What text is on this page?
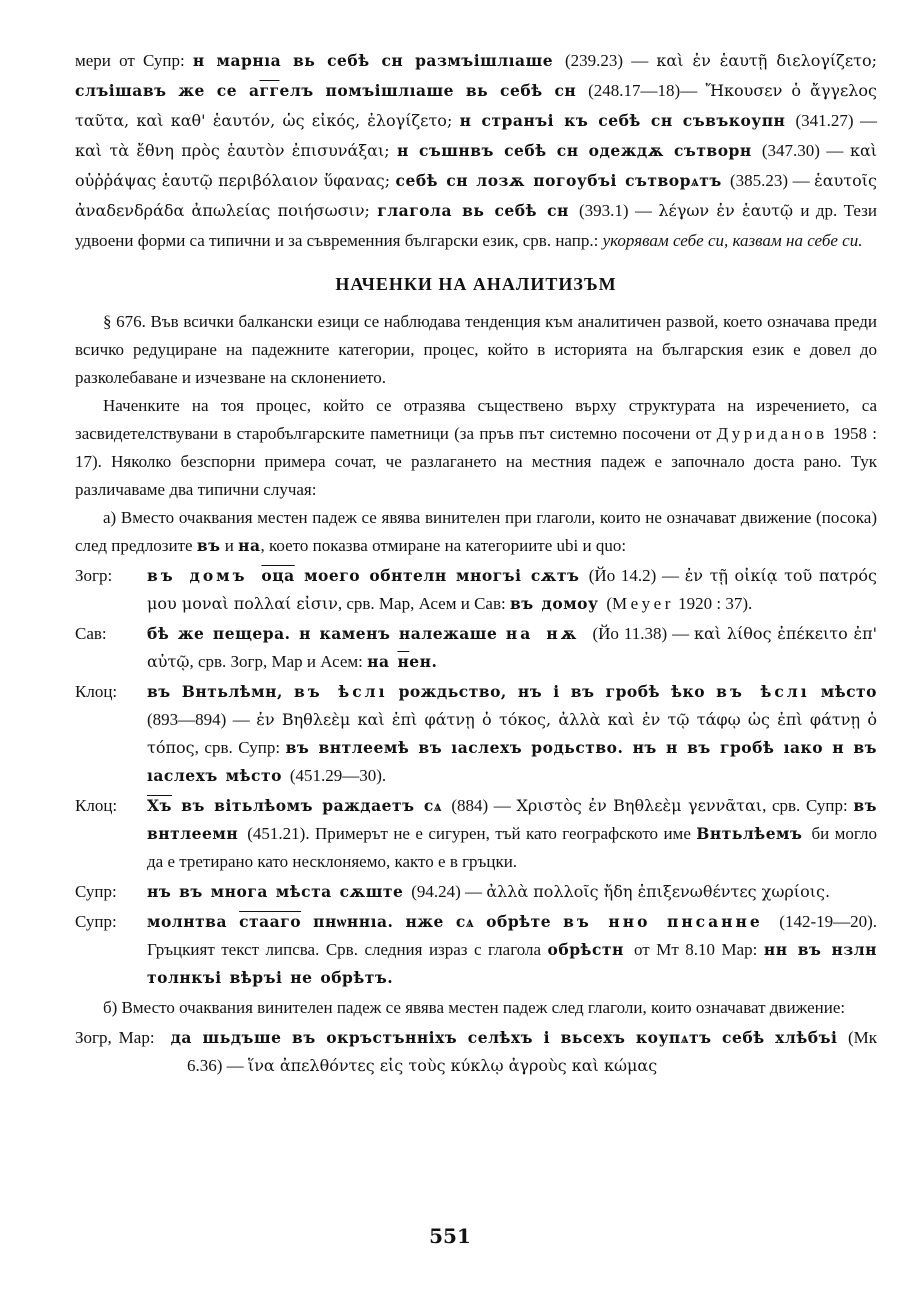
мери от Супр: н марнıа вь себѣ сн размъішлıаше (239.23) — καὶ ἐν ἑαυτῇ διελογίζετο; слъішавъ же се аггелъ помъішлıаше вь себѣ сн (248.17—18)— Ἤκουσεν ὁ ἄγγελος ταῦτα, καὶ καθ' ἑαυτόν, ὡς εἰκός, ἐλογίζετο; н странъі къ себѣ сн съвъкоупн (341.27) — καὶ τὰ ἔθνη πρὸς ἑαυτὸν ἐπισυνάξαι; н съшнвъ себѣ сн одеждѫ сътворн (347.30) — καὶ οὐῤῥάψας ἑαυτῷ περιβόλαιον ὕφανας; себѣ сн лозѫ погоубъі сътворѧтъ (385.23) — ἑαυτοῖς ἀναδενδράδα ἀπωλείας ποιήσωσιν; глагола вь себѣ сн (393.1) — λέγων ἐν ἑαυτῷ и др. Тези удвоени форми са типични и за съвременния български език, срв. напр.: укорявам себе си, казвам на себе си.

НАЧЕНКИ НА АНАЛИТИЗЪМ

§ 676. Във всички балкански езици се наблюдава тенденция към аналитичен развой, което означава преди всичко редуциране на падежните категории, процес, който в историята на българския език е довел до разколебаване и изчезване на склонението.

Наченките на тоя процес, който се отразява съществено върху структурата на изречението, са засвидетелствувани в старобългарските паметници (за пръв път системно посочени от Дуриданов 1958 : 17). Няколко безспорни примера сочат, че разлагането на местния падеж е започнало доста рано. Тук различаваме два типични случая:

а) Вместо очаквания местен падеж се явява винителен при глаголи, които не означават движение (посока) след предлозите въ и на, което показва отмиране на категориите ubi и quo:

Зогр: въ домъ оца моего обнтелн многъі сѫтъ (Йо 14.2) — ἐν τῇ οἰκίᾳ τοῦ πατρός μου μοναὶ πολλαί εἰσιν, срв. Мар, Асем и Сав: въ домоу (Meyer 1920 : 37).
Сав:	бѣ же пещера. н каменъ належаше на нѫ (Йо 11.38) — καὶ λίθος ἐπέκειτο ἐπ' αὐτῷ, срв. Зогр, Мар и Асем: на нен.
Клоц: въ Внтьлѣмн, въ ѣслı рождьство, нъ і въ гробѣ ѣко въ ѣслı мѣсто (893—894) — ἐν Βηθλεὲμ καὶ ἐπὶ φάτνῃ ὁ τόκος, ἀλλὰ καὶ ἐν τῷ τάφῳ ὡς ἐπὶ φάτνῃ ὁ τόπος, срв. Супр: въ внтлеемѣ въ ıаслехъ родьство. нъ н въ гробѣ ıако н въ ıаслехъ мѣсто (451.29—30).
Клоц: Хъ въ вітьлѣомъ раждаетъ сѧ (884) — Χριστὸς ἐν Βηθλεὲμ γεννᾶται, срв. Супр: въ внтлеемн (451.21). Примерът не е сигурен, тъй като географското име Внтьлѣемъ би могло да е третирано като несклоняемо, както е в гръцки.
Супр: нъ въ многа мѣста сѫште (94.24) — ἀλλὰ πολλοῖς ἤδη ἐπιξενωθέντες χωρίοις.
Супр: молнтва стааго пнѡннıа. нже сѧ обрѣте въ нно пнсанне (142-19—20). Гръцкият текст липсва. Срв. следния израз с глагола обрѣстн от Мт 8.10 Мар: нн въ нзлн толнкъі вѣръі не обрѣтъ.

б) Вместо очаквания винителен падеж се явява местен падеж след глаголи, които означават движение:

Зогр, Мар: да шьдъше въ окръстънніхъ селѣхъ і вьсехъ коупѧтъ себѣ хлѣбъі (Мк 6.36) — ἵνα ἀπελθόντες εἰς τοὺς κύκλῳ ἀγροὺς καὶ κώμας
551
